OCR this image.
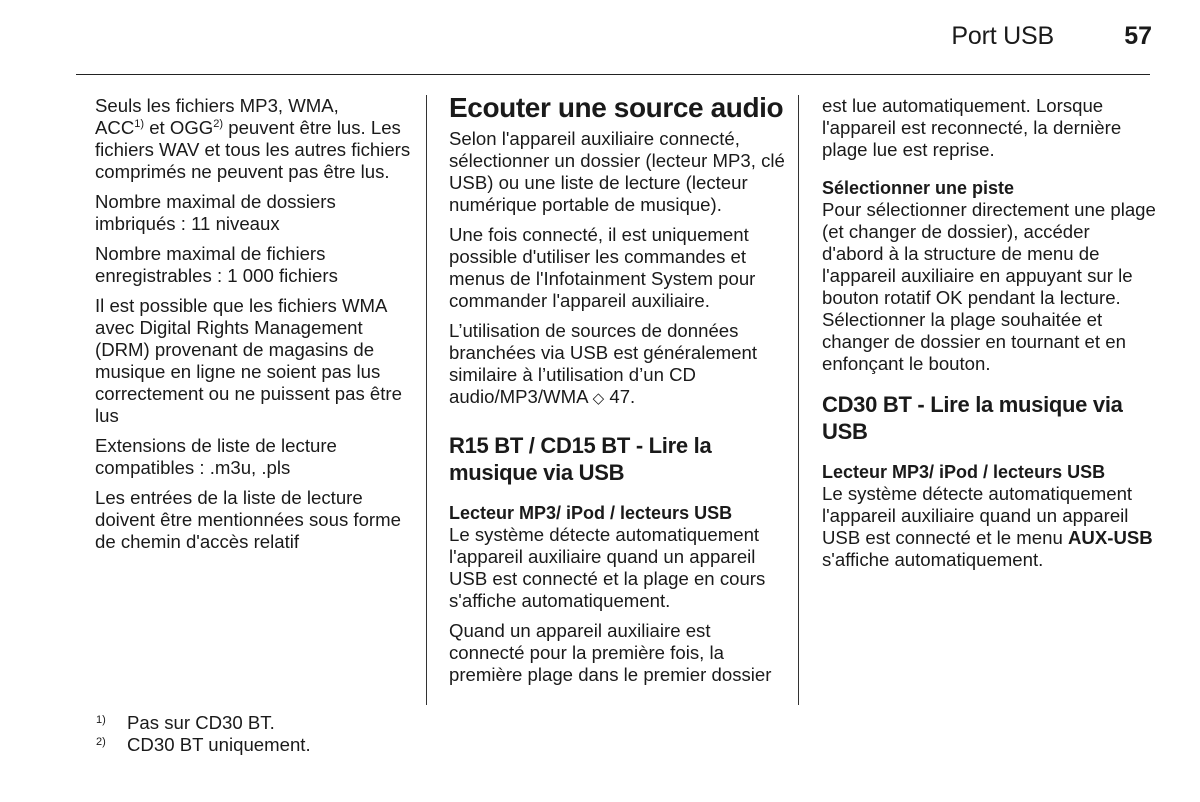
Port USB	57

Seuls les fichiers MP3, WMA,
ACC$^{1)}$ et OGG$^{2)}$ peuvent être lus. Les fichiers WAV et tous les autres fichiers comprimés ne peuvent pas être lus.

Nombre maximal de dossiers imbriqués : 11 niveaux

Nombre maximal de fichiers enregistrables : 1 000 fichiers

Il est possible que les fichiers WMA avec Digital Rights Management (DRM) provenant de magasins de musique en ligne ne soient pas lus correctement ou ne puissent pas être lus

Extensions de liste de lecture compatibles : .m3u, .pls

Les entrées de la liste de lecture doivent être mentionnées sous forme de chemin d'accès relatif

Ecouter une source audio

Selon l'appareil auxiliaire connecté, sélectionner un dossier (lecteur MP3, clé USB) ou une liste de lecture (lecteur numérique portable de musique).

Une fois connecté, il est uniquement possible d'utiliser les commandes et menus de l'Infotainment System pour commander l'appareil auxiliaire.

L’utilisation de sources de données branchées via USB est généralement similaire à l’utilisation d’un CD audio/MP3/WMA ◇ 47.

R15 BT / CD15 BT - Lire la musique via USB
Lecteur MP3/ iPod / lecteurs USB

Le système détecte automatiquement l'appareil auxiliaire quand un appareil USB est connecté et la plage en cours s'affiche automatiquement.

Quand un appareil auxiliaire est connecté pour la première fois, la première plage dans le premier dossier

est lue automatiquement. Lorsque l'appareil est reconnecté, la dernière plage lue est reprise.

Sélectionner une piste

Pour sélectionner directement une plage (et changer de dossier), accéder d'abord à la structure de menu de l'appareil auxiliaire en appuyant sur le bouton rotatif OK pendant la lecture. Sélectionner la plage souhaitée et changer de dossier en tournant et en enfonçant le bouton.

CD30 BT - Lire la musique via USB
Lecteur MP3/ iPod / lecteurs USB

Le système détecte automatiquement l'appareil auxiliaire quand un appareil USB est connecté et le menu AUX-USB s'affiche automatiquement.

1) Pas sur CD30 BT.
2) CD30 BT uniquement.
